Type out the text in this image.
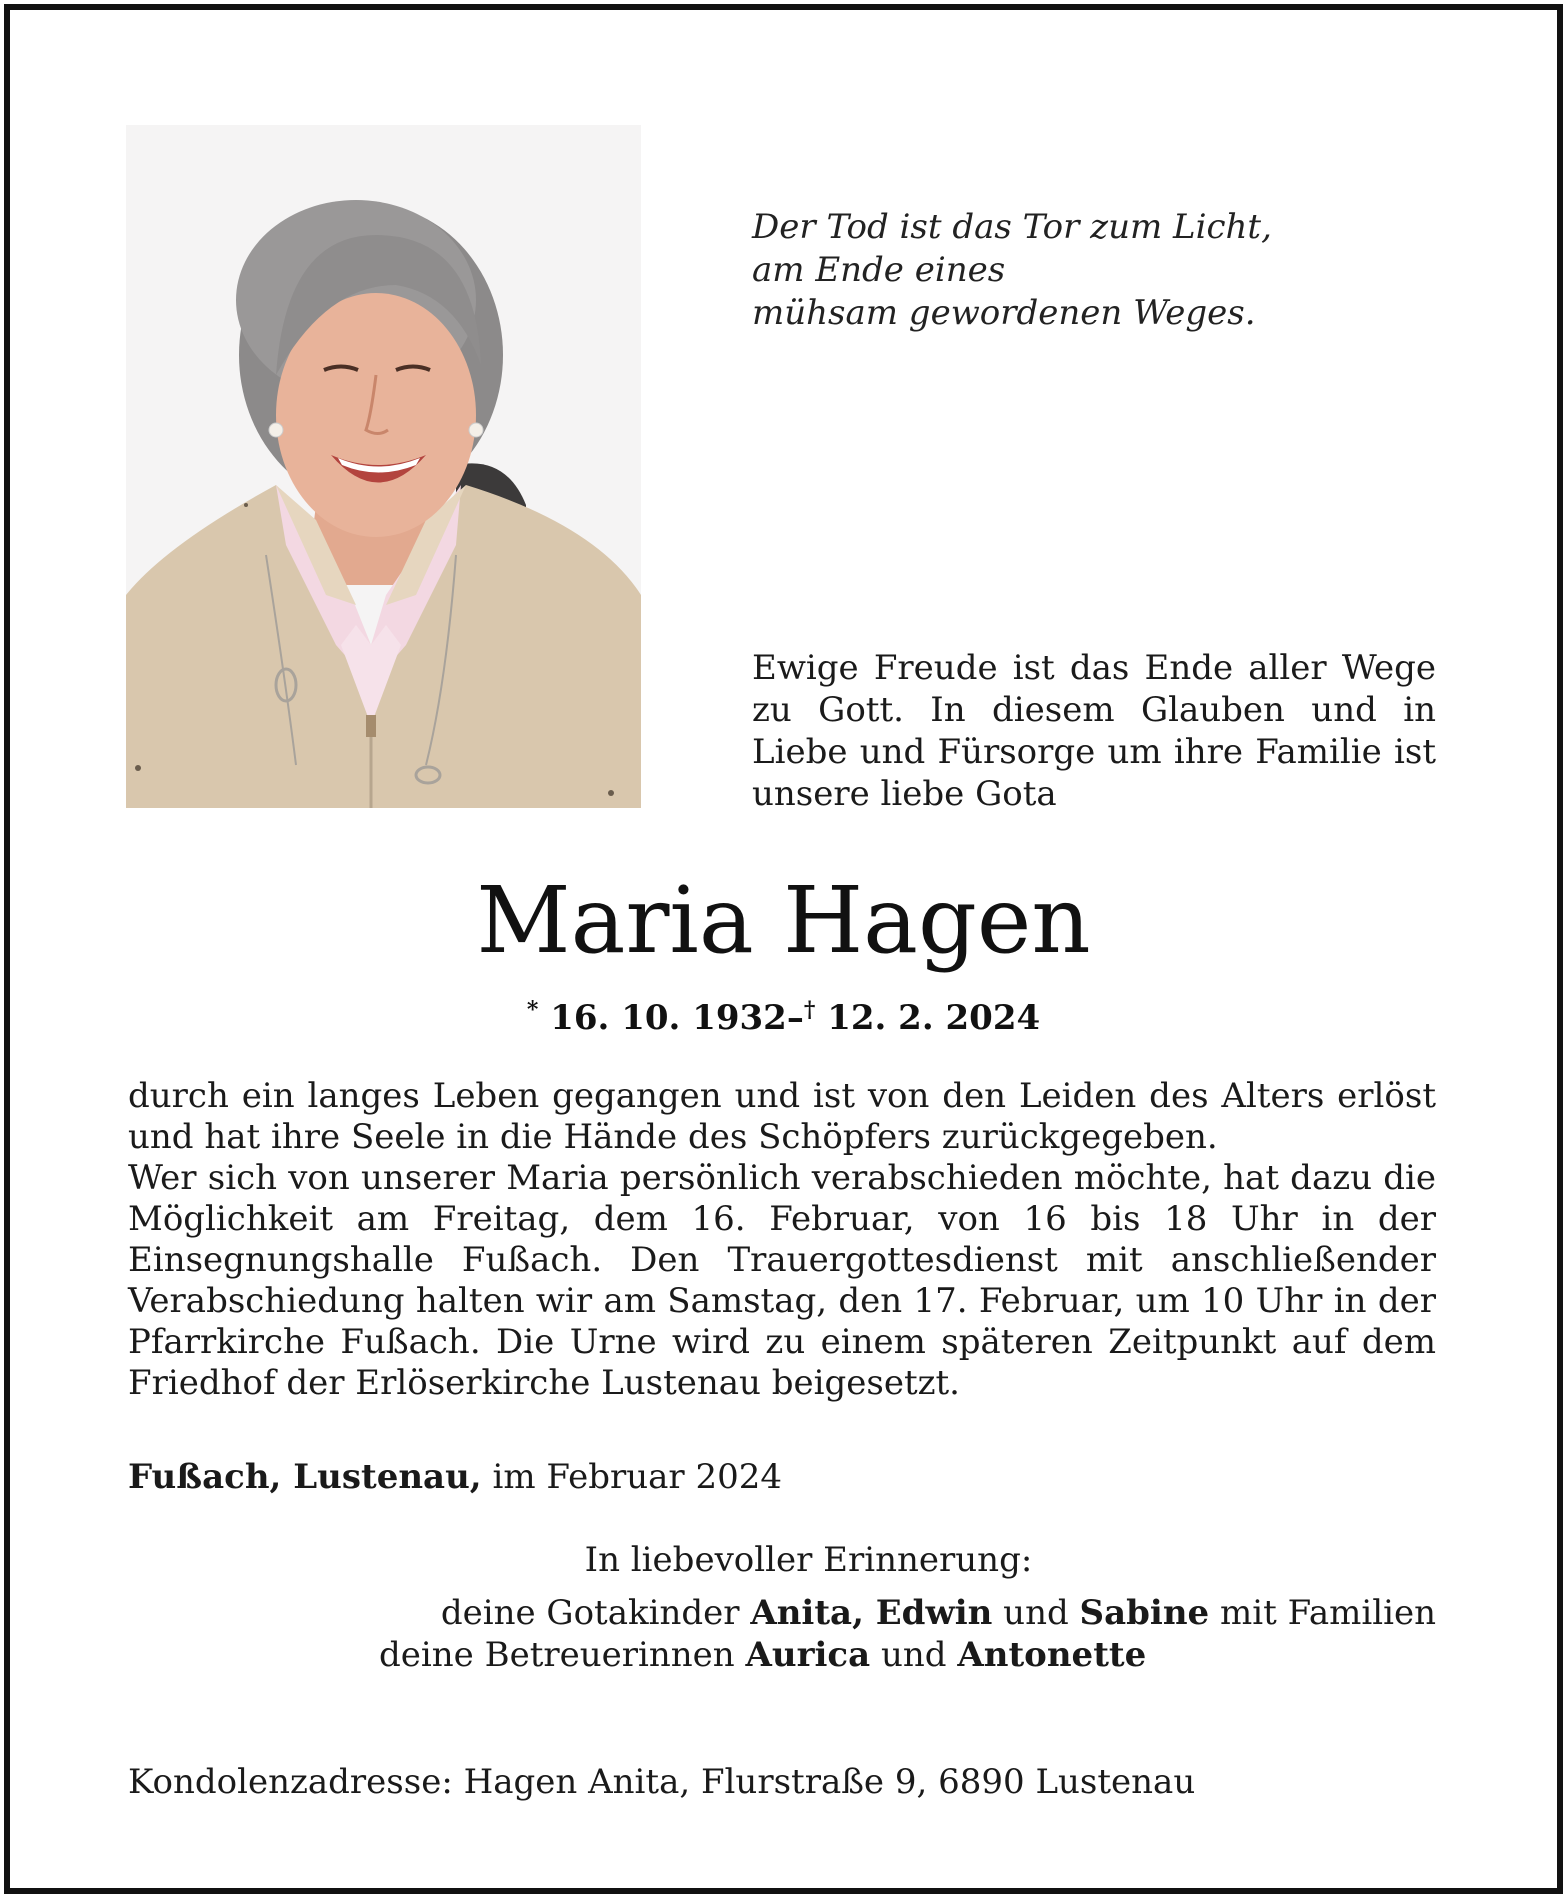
Der Tod ist das Tor zum Licht,
am Ende eines
mühsam gewordenen Weges.
Ewige Freude ist das Ende aller Wege zu Gott. In diesem Glauben und in Liebe und Fürsorge um ihre Familie ist unsere liebe Gota
Maria Hagen
* 16. 10. 1932–† 12. 2. 2024

durch ein langes Leben gegangen und ist von den Leiden des Alters erlöst und hat ihre Seele in die Hände des Schöpfers zurückgegeben.

Wer sich von unserer Maria persönlich verabschieden möchte, hat dazu die Möglichkeit am Freitag, dem 16. Februar, von 16 bis 18 Uhr in der Einsegnungshalle Fußach. Den Trauergottesdienst mit anschließender Verabschiedung halten wir am Samstag, den 17. Februar, um 10 Uhr in der Pfarrkirche Fußach. Die Urne wird zu einem späteren Zeitpunkt auf dem Friedhof der Erlöserkirche Lustenau beigesetzt.

Fußach, Lustenau, im Februar 2024
In liebevoller Erinnerung:
deine Gotakinder Anita, Edwin und Sabine mit Familien
deine Betreuerinnen Aurica und Antonette
Kondolenzadresse: Hagen Anita, Flurstraße 9, 6890 Lustenau
